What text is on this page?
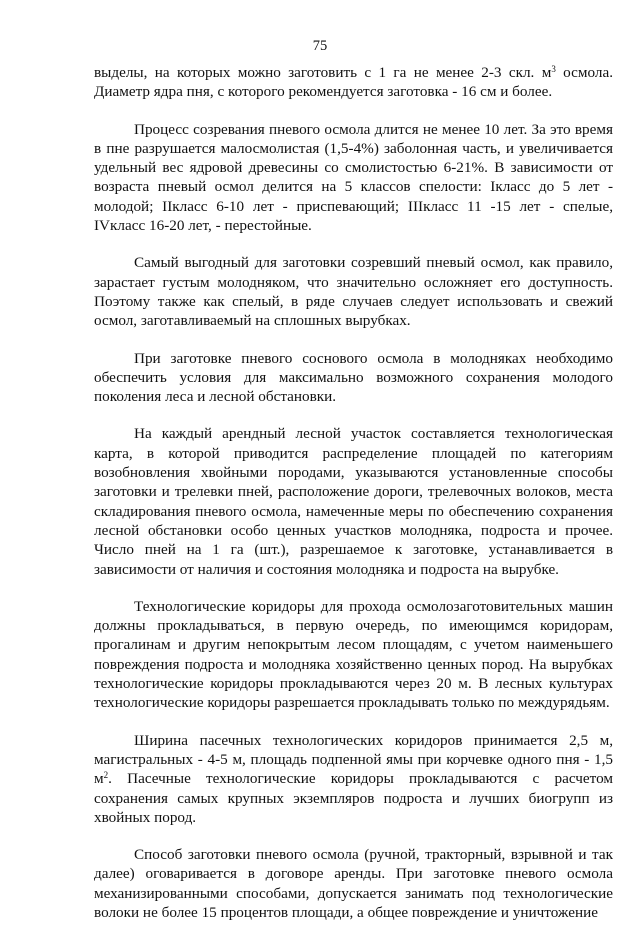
75

выделы, на которых можно заготовить с 1 га не менее 2-3 скл. $м^3$ осмола. Диаметр ядра пня, с которого рекомендуется заготовка - 16 см и более.

Процесс созревания пневого осмола длится не менее 10 лет. За это время в пне разрушается малосмолистая (1,5-4%) заболонная часть, и увеличивается удельный вес ядровой древесины со смолистостью 6-21%. В зависимости от возраста пневый осмол делится на 5 классов спелости: Iкласс до 5 лет - молодой; IIкласс 6-10 лет - приспевающий; IIIкласс 11 -15 лет - спелые, IVкласс 16-20 лет, - перестойные.

Самый выгодный для заготовки созревший пневый осмол, как правило, зарастает густым молодняком, что значительно осложняет его доступность. Поэтому также как спелый, в ряде случаев следует использовать и свежий осмол, заготавливаемый на сплошных вырубках.

При заготовке пневого соснового осмола в молодняках необходимо обеспечить условия для максимально возможного сохранения молодого поколения леса и лесной обстановки.

На каждый арендный лесной участок составляется технологическая карта, в которой приводится распределение площадей по категориям возобновления хвойными породами, указываются установленные способы заготовки и трелевки пней, расположение дороги, трелевочных волоков, места складирования пневого осмола, намеченные меры по обеспечению сохранения лесной обстановки особо ценных участков молодняка, подроста и прочее. Число пней на 1 га (шт.), разрешаемое к заготовке, устанавливается в зависимости от наличия и состояния молодняка и подроста на вырубке.

Технологические коридоры для прохода осмолозаготовительных машин должны прокладываться, в первую очередь, по имеющимся коридорам, прогалинам и другим непокрытым лесом площадям, с учетом наименьшего повреждения подроста и молодняка хозяйственно ценных пород. На вырубках технологические коридоры прокладываются через 20 м. В лесных культурах технологические коридоры разрешается прокладывать только по междурядьям.

Ширина пасечных технологических коридоров принимается 2,5 м, магистральных - 4-5 м, площадь подпенной ямы при корчевке одного пня - 1,5 $м^2$. Пасечные технологические коридоры прокладываются с расчетом сохранения самых крупных экземпляров подроста и лучших биогрупп из хвойных пород.

Способ заготовки пневого осмола (ручной, тракторный, взрывной и так далее) оговаривается в договоре аренды. При заготовке пневого осмола механизированными способами, допускается занимать под технологические волоки не более 15 процентов площади, а общее повреждение и уничтожение
